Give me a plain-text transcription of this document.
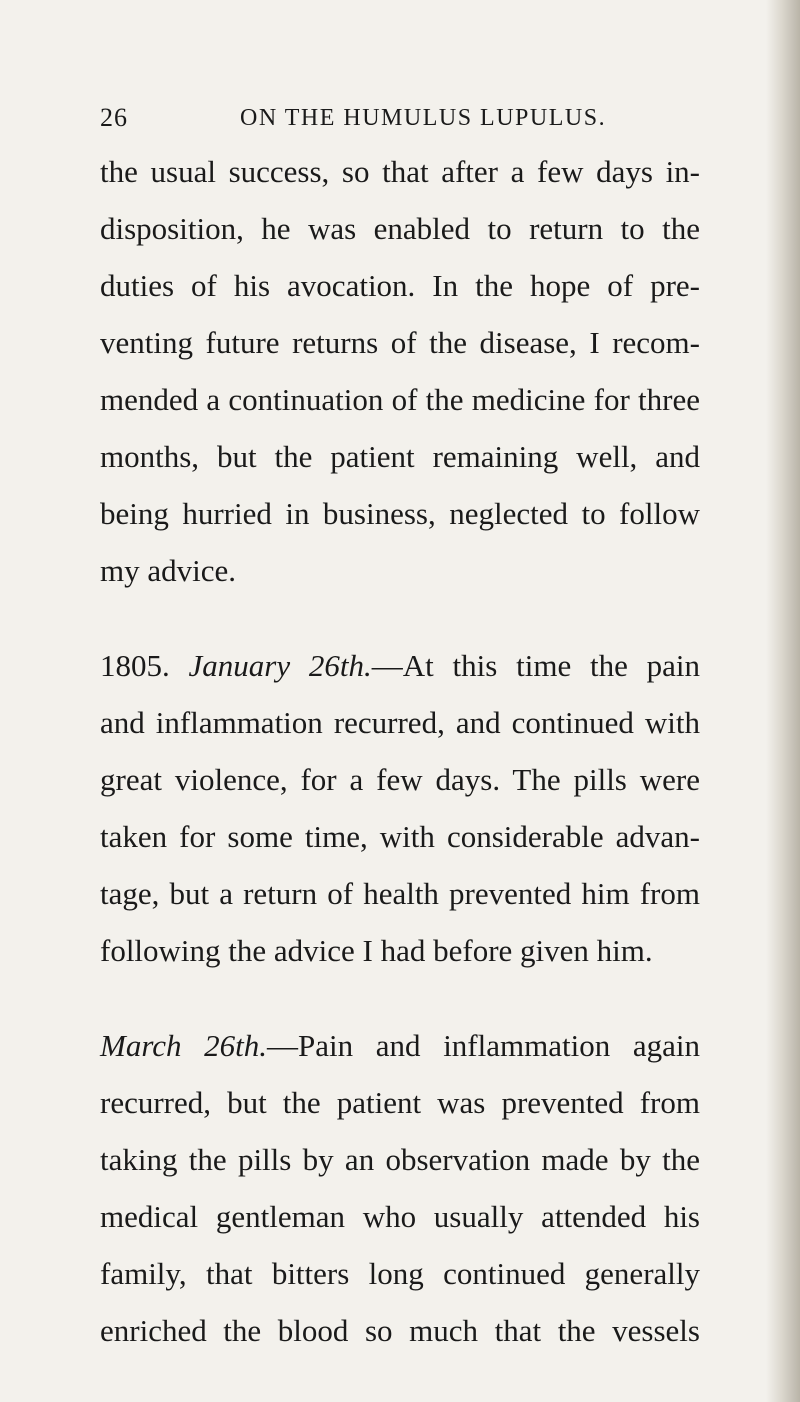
26	ON THE HUMULUS LUPULUS.
the usual success, so that after a few days in-
disposition, he was enabled to return to the
duties of his avocation. In the hope of pre-
venting future returns of the disease, I recom-
mended a continuation of the medicine for three
months, but the patient remaining well, and
being hurried in business, neglected to follow
my advice.
1805. January 26th.—At this time the pain
and inflammation recurred, and continued with
great violence, for a few days. The pills were
taken for some time, with considerable advan-
tage, but a return of health prevented him from
following the advice I had before given him.
March 26th.—Pain and inflammation again
recurred, but the patient was prevented from
taking the pills by an observation made by the
medical gentleman who usually attended his
family, that bitters long continued generally
enriched the blood so much that the vessels
